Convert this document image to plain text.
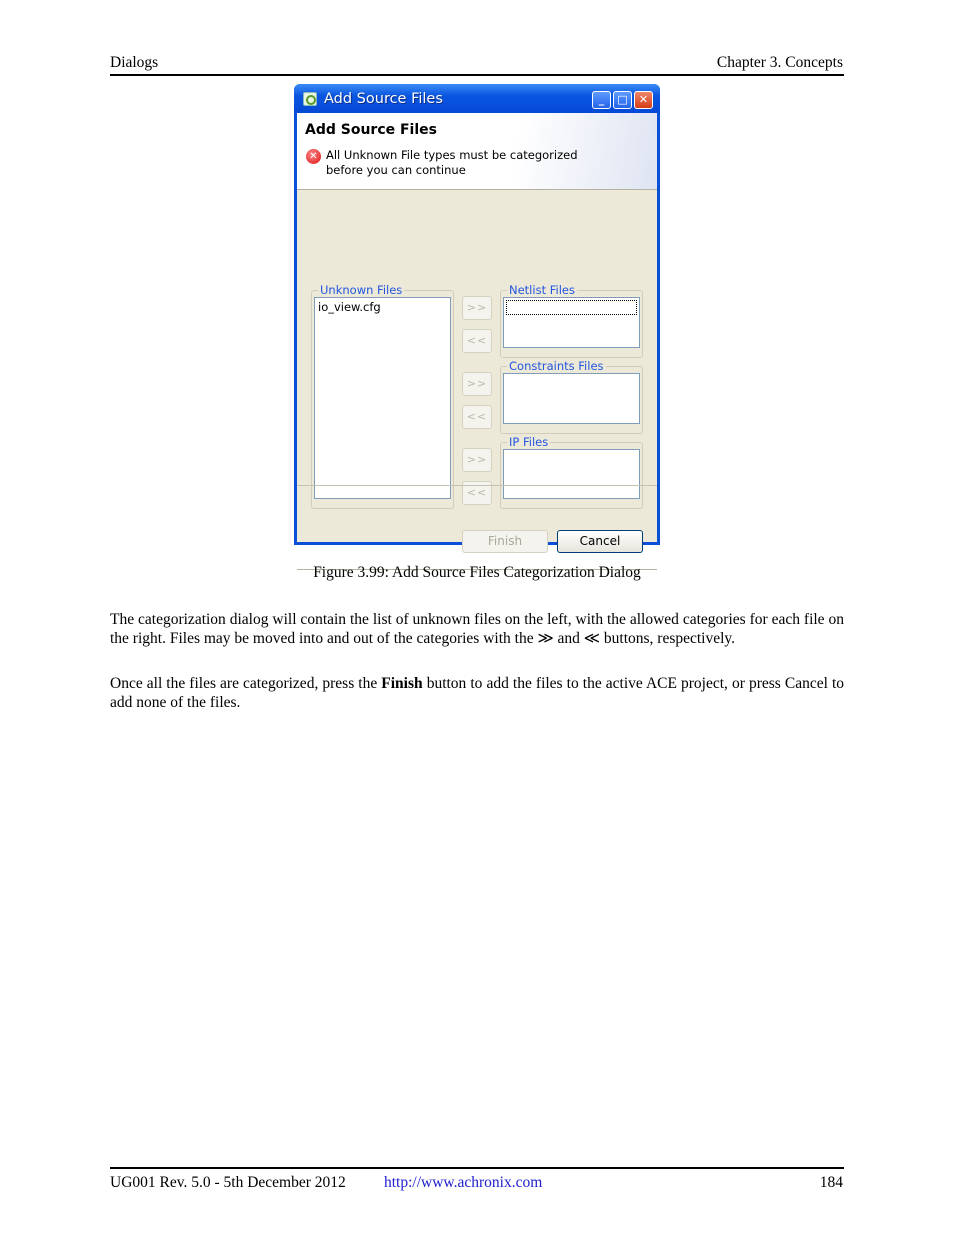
Dialogs	Chapter 3. Concepts
Add Source Files	_	□	✕
Add Source Files
✕ All Unknown File types must be categorized before you can continue
Unknown Files
io_view.cfg	>>
<<
>>
<<
>>
<<
Netlist Files
Constraints Files
IP Files
Finish	Cancel
Figure 3.99: Add Source Files Categorization Dialog

The categorization dialog will contain the list of unknown files on the left, with the allowed categories for each file on the right. Files may be moved into and out of the categories with the ≫ and ≪ buttons, respectively.

Once all the files are categorized, press the Finish button to add the files to the active ACE project, or press Cancel to add none of the files.

UG001 Rev. 5.0 - 5th December 2012 http://www.achronix.com	184
